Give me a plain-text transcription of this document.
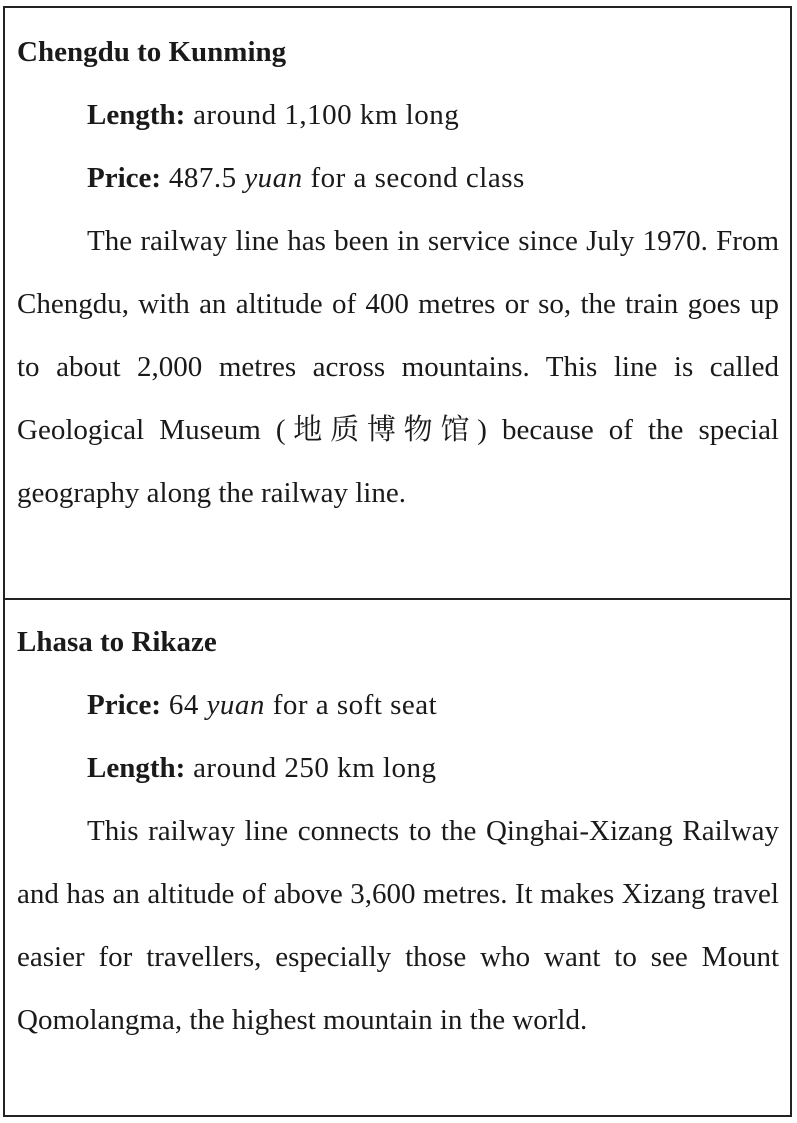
Chengdu to Kunming
Length: around 1,100 km long
Price: 487.5 yuan for a second class
The railway line has been in service since July 1970. From Chengdu, with an altitude of 400 metres or so, the train goes up to about 2,000 metres across mountains. This line is called Geological Museum (地质博物馆) because of the special geography along the railway line.
Lhasa to Rikaze
Price: 64 yuan for a soft seat
Length: around 250 km long
This railway line connects to the Qinghai-Xizang Railway and has an altitude of above 3,600 metres. It makes Xizang travel easier for travellers, especially those who want to see Mount Qomolangma, the highest mountain in the world.
